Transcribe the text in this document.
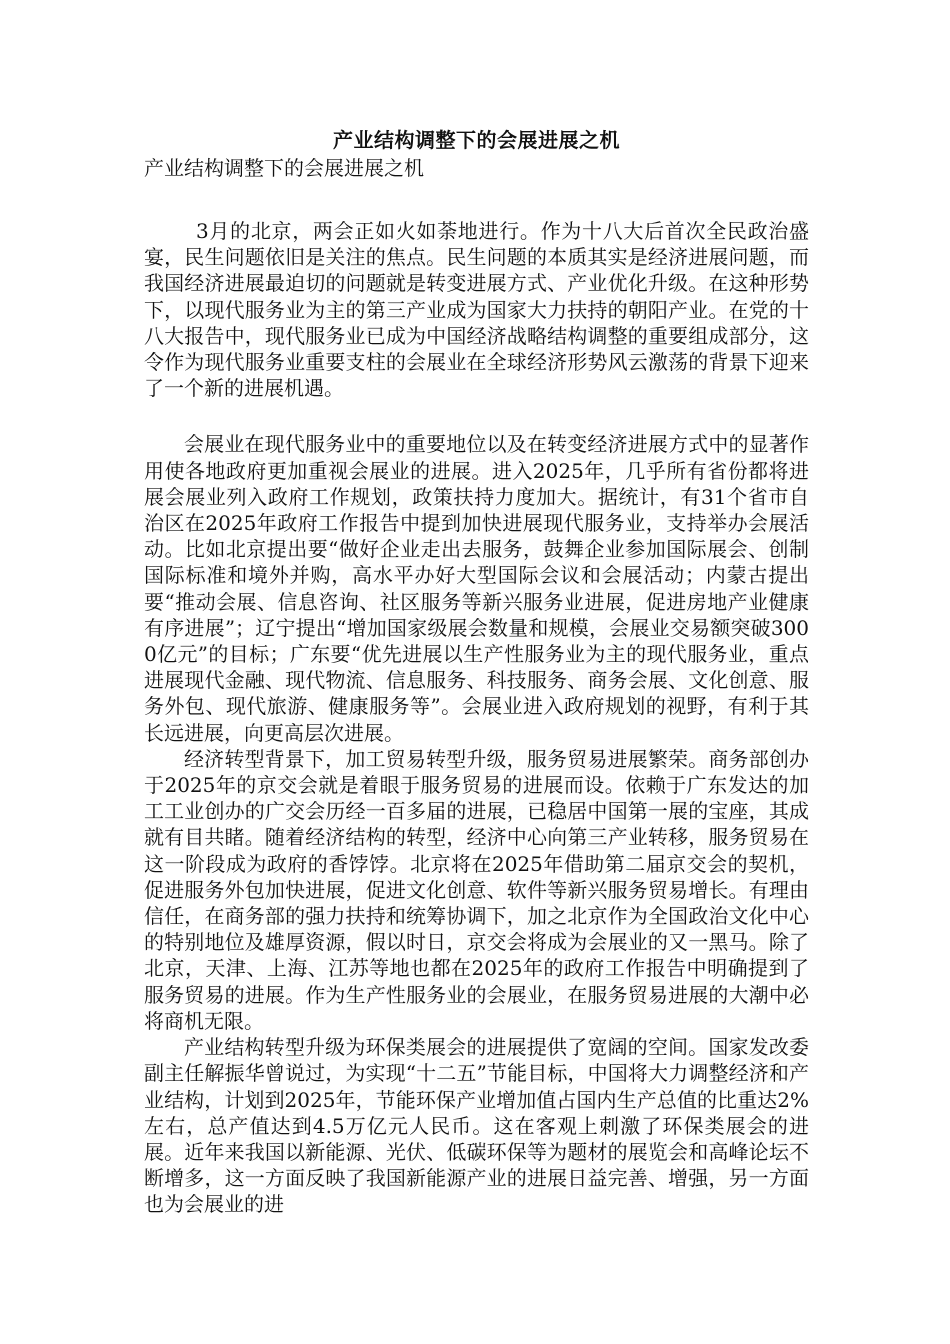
产业结构调整下的会展进展之机

产业结构调整下的会展进展之机

3月的北京，两会正如火如荼地进行。作为十八大后首次全民政治盛宴，民生问题依旧是关注的焦点。民生问题的本质其实是经济进展问题，而我国经济进展最迫切的问题就是转变进展方式、产业优化升级。在这种形势下，以现代服务业为主的第三产业成为国家大力扶持的朝阳产业。在党的十八大报告中，现代服务业已成为中国经济战略结构调整的重要组成部分，这令作为现代服务业重要支柱的会展业在全球经济形势风云激荡的背景下迎来了一个新的进展机遇。

会展业在现代服务业中的重要地位以及在转变经济进展方式中的显著作用使各地政府更加重视会展业的进展。进入2025年，几乎所有省份都将进展会展业列入政府工作规划，政策扶持力度加大。据统计，有31个省市自治区在2025年政府工作报告中提到加快进展现代服务业，支持举办会展活动。比如北京提出要“做好企业走出去服务，鼓舞企业参加国际展会、创制国际标准和境外并购，高水平办好大型国际会议和会展活动；内蒙古提出要“推动会展、信息咨询、社区服务等新兴服务业进展，促进房地产业健康有序进展”；辽宁提出“增加国家级展会数量和规模，会展业交易额突破3000亿元”的目标；广东要“优先进展以生产性服务业为主的现代服务业，重点进展现代金融、现代物流、信息服务、科技服务、商务会展、文化创意、服务外包、现代旅游、健康服务等”。会展业进入政府规划的视野，有利于其长远进展，向更高层次进展。

经济转型背景下，加工贸易转型升级，服务贸易进展繁荣。商务部创办于2025年的京交会就是着眼于服务贸易的进展而设。依赖于广东发达的加工工业创办的广交会历经一百多届的进展，已稳居中国第一展的宝座，其成就有目共睹。随着经济结构的转型，经济中心向第三产业转移，服务贸易在这一阶段成为政府的香饽饽。北京将在2025年借助第二届京交会的契机，促进服务外包加快进展，促进文化创意、软件等新兴服务贸易增长。有理由信任，在商务部的强力扶持和统筹协调下，加之北京作为全国政治文化中心的特别地位及雄厚资源，假以时日，京交会将成为会展业的又一黑马。除了北京，天津、上海、江苏等地也都在2025年的政府工作报告中明确提到了服务贸易的进展。作为生产性服务业的会展业，在服务贸易进展的大潮中必将商机无限。

产业结构转型升级为环保类展会的进展提供了宽阔的空间。国家发改委副主任解振华曾说过，为实现“十二五”节能目标，中国将大力调整经济和产业结构，计划到2025年，节能环保产业增加值占国内生产总值的比重达2%左右，总产值达到4.5万亿元人民币。这在客观上刺激了环保类展会的进展。近年来我国以新能源、光伏、低碳环保等为题材的展览会和高峰论坛不断增多，这一方面反映了我国新能源产业的进展日益完善、增强，另一方面也为会展业的进
